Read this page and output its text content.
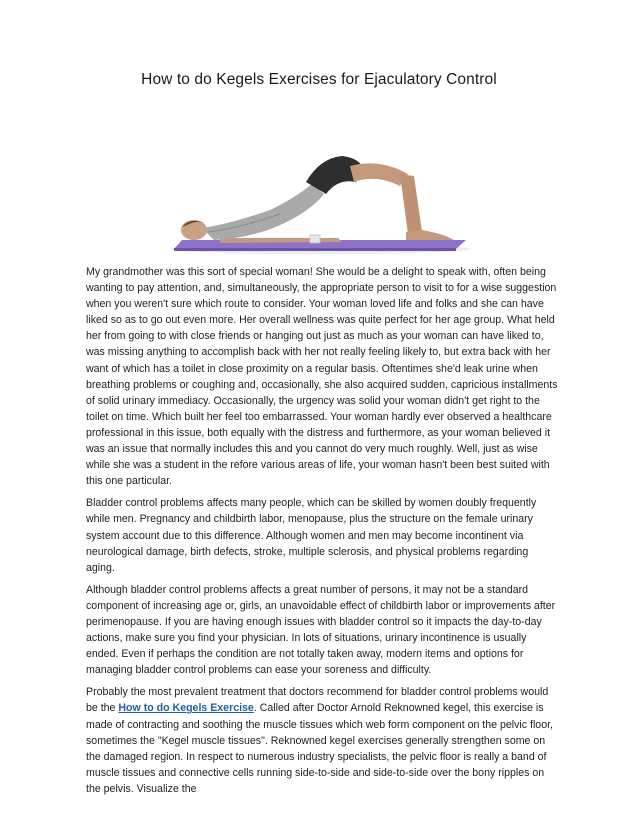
How to do Kegels Exercises for Ejaculatory Control

My grandmother was this sort of special woman! She would be a delight to speak with, often being wanting to pay attention, and, simultaneously, the appropriate person to visit to for a wise suggestion when you weren't sure which route to consider. Your woman loved life and folks and she can have liked so as to go out even more. Her overall wellness was quite perfect for her age group. What held her from going to with close friends or hanging out just as much as your woman can have liked to, was missing anything to accomplish back with her not really feeling likely to, but extra back with her want of which has a toilet in close proximity on a regular basis. Oftentimes she'd leak urine when breathing problems or coughing and, occasionally, she also acquired sudden, capricious installments of solid urinary immediacy. Occasionally, the urgency was solid your woman didn't get right to the toilet on time. Which built her feel too embarrassed. Your woman hardly ever observed a healthcare professional in this issue, both equally with the distress and furthermore, as your woman believed it was an issue that normally includes this and you cannot do very much roughly. Well, just as wise while she was a student in the refore various areas of life, your woman hasn't been best suited with this one particular.

Bladder control problems affects many people, which can be skilled by women doubly frequently while men. Pregnancy and childbirth labor, menopause, plus the structure on the female urinary system account due to this difference. Although women and men may become incontinent via neurological damage, birth defects, stroke, multiple sclerosis, and physical problems regarding aging.

Although bladder control problems affects a great number of persons, it may not be a standard component of increasing age or, girls, an unavoidable effect of childbirth labor or improvements after perimenopause. If you are having enough issues with bladder control so it impacts the day-to-day actions, make sure you find your physician. In lots of situations, urinary incontinence is usually ended. Even if perhaps the condition are not totally taken away, modern items and options for managing bladder control problems can ease your soreness and difficulty.

Probably the most prevalent treatment that doctors recommend for bladder control problems would be the How to do Kegels Exercise. Called after Doctor Arnold Reknowned kegel, this exercise is made of contracting and soothing the muscle tissues which web form component on the pelvic floor, sometimes the "Kegel muscle tissues". Reknowned kegel exercises generally strengthen some on the damaged region. In respect to numerous industry specialists, the pelvic floor is really a band of muscle tissues and connective cells running side-to-side and side-to-side over the bony ripples on the pelvis. Visualize the
